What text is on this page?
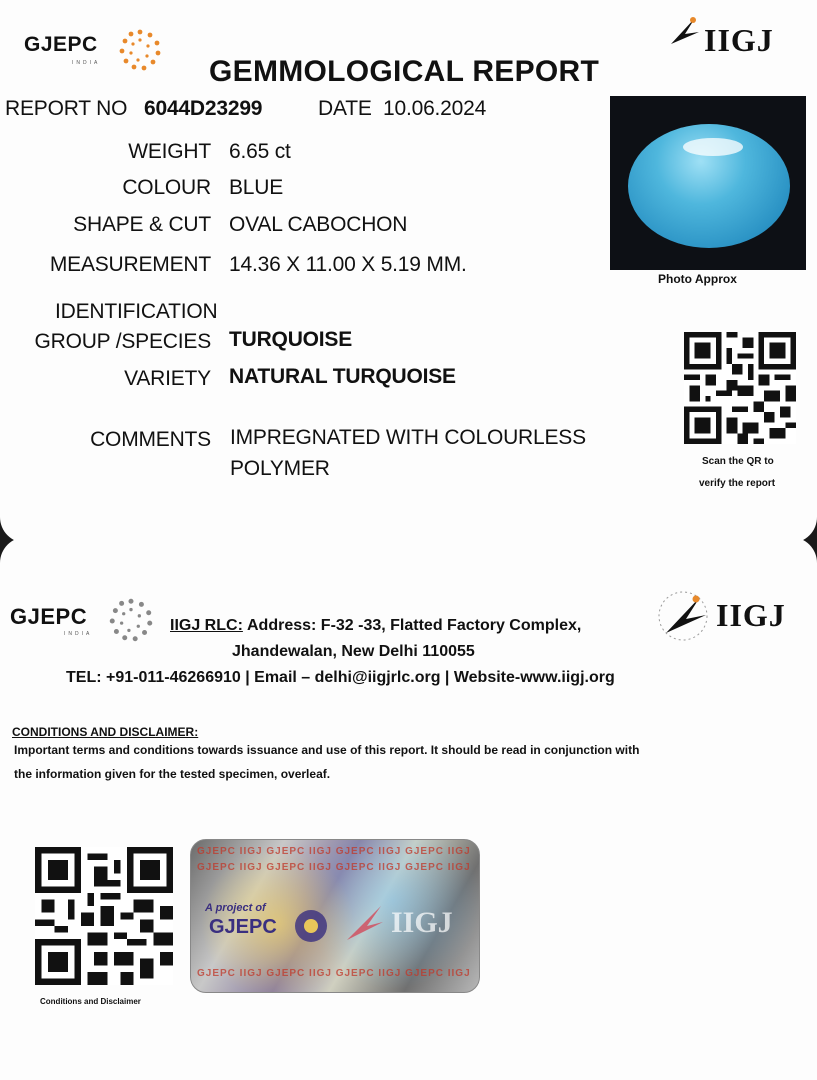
GJEPC
INDIA
IIGJ
GEMMOLOGICAL REPORT
REPORT NO 6044D23299	DATE 10.06.2024
WEIGHT 6.65 ct
COLOUR BLUE
SHAPE & CUT OVAL CABOCHON
MEASUREMENT 14.36 X 11.00 X 5.19 MM.
IDENTIFICATION
GROUP /SPECIES TURQUOISE
VARIETY NATURAL TURQUOISE
COMMENTS IMPREGNATED WITH COLOURLESS
POLYMER
Photo Approx
Scan the QR to
verify the report
GJEPC
INDIA
IIGJ
IIGJ RLC: Address: F-32 -33, Flatted Factory Complex,
Jhandewalan, New Delhi 110055
TEL: +91-011-46266910 | Email – delhi@iigjrlc.org | Website-www.iigj.org
CONDITIONS AND DISCLAIMER:
Important terms and conditions towards issuance and use of this report. It should be read in conjunction with
the information given for the tested specimen, overleaf.
Conditions and Disclaimer
GJEPC IIGJ GJEPC IIGJ GJEPC IIGJ GJEPC IIGJ
GJEPC IIGJ GJEPC IIGJ GJEPC IIGJ GJEPC IIGJ
A project of
GJEPC	IIGJ
GJEPC IIGJ GJEPC IIGJ GJEPC IIGJ GJEPC IIGJ
